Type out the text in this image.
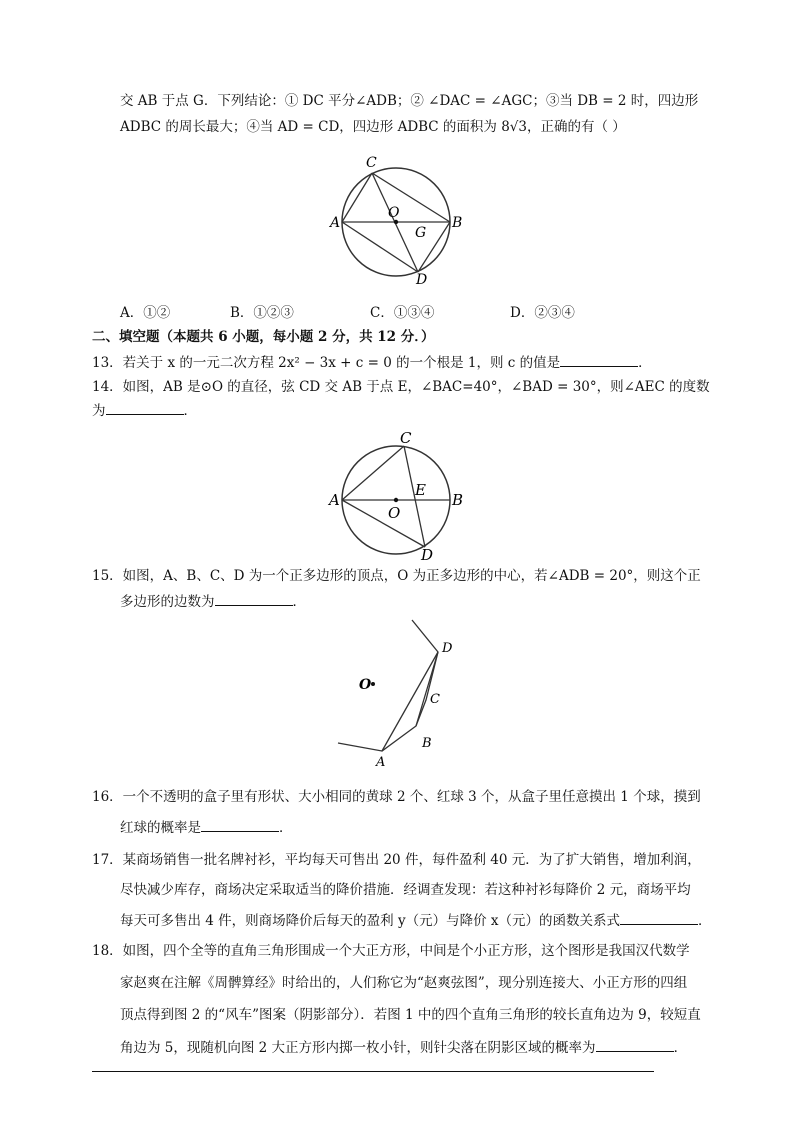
交 AB 于点 G．下列结论：① DC 平分∠ADB；② ∠DAC = ∠AGC；③当 DB = 2 时，四边形
ADBC 的周长最大；④当 AD = CD，四边形 ADBC 的面积为 8√3，正确的有（ ）
C
A	B
D
O
G
A．①②	B．①②③	C．①③④	D．②③④
二、填空题（本题共 6 小题，每小题 2 分，共 12 分．）
13．若关于 x 的一元二次方程 2x² − 3x + c = 0 的一个根是 1，则 c 的值是	．
14．如图，AB 是⊙O 的直径，弦 CD 交 AB 于点 E，∠BAC=40°，∠BAD = 30°，则∠AEC 的度数
为	．
C
A	B
D
E
O
15．如图，A、B、C、D 为一个正多边形的顶点，O 为正多边形的中心，若∠ADB = 20°，则这个正
多边形的边数为	．
D
C
B
A
O
16．一个不透明的盒子里有形状、大小相同的黄球 2 个、红球 3 个，从盒子里任意摸出 1 个球，摸到
红球的概率是	．
17．某商场销售一批名牌衬衫，平均每天可售出 20 件，每件盈利 40 元．为了扩大销售，增加利润，
尽快减少库存，商场决定采取适当的降价措施．经调查发现：若这种衬衫每降价 2 元，商场平均
每天可多售出 4 件，则商场降价后每天的盈利 y（元）与降价 x（元）的函数关系式	．
18．如图，四个全等的直角三角形围成一个大正方形，中间是个小正方形，这个图形是我国汉代数学
家赵爽在注解《周髀算经》时给出的，人们称它为“赵爽弦图”，现分别连接大、小正方形的四组
顶点得到图 2 的“风车”图案（阴影部分）．若图 1 中的四个直角三角形的较长直角边为 9，较短直
角边为 5，现随机向图 2 大正方形内掷一枚小针，则针尖落在阴影区域的概率为	．
